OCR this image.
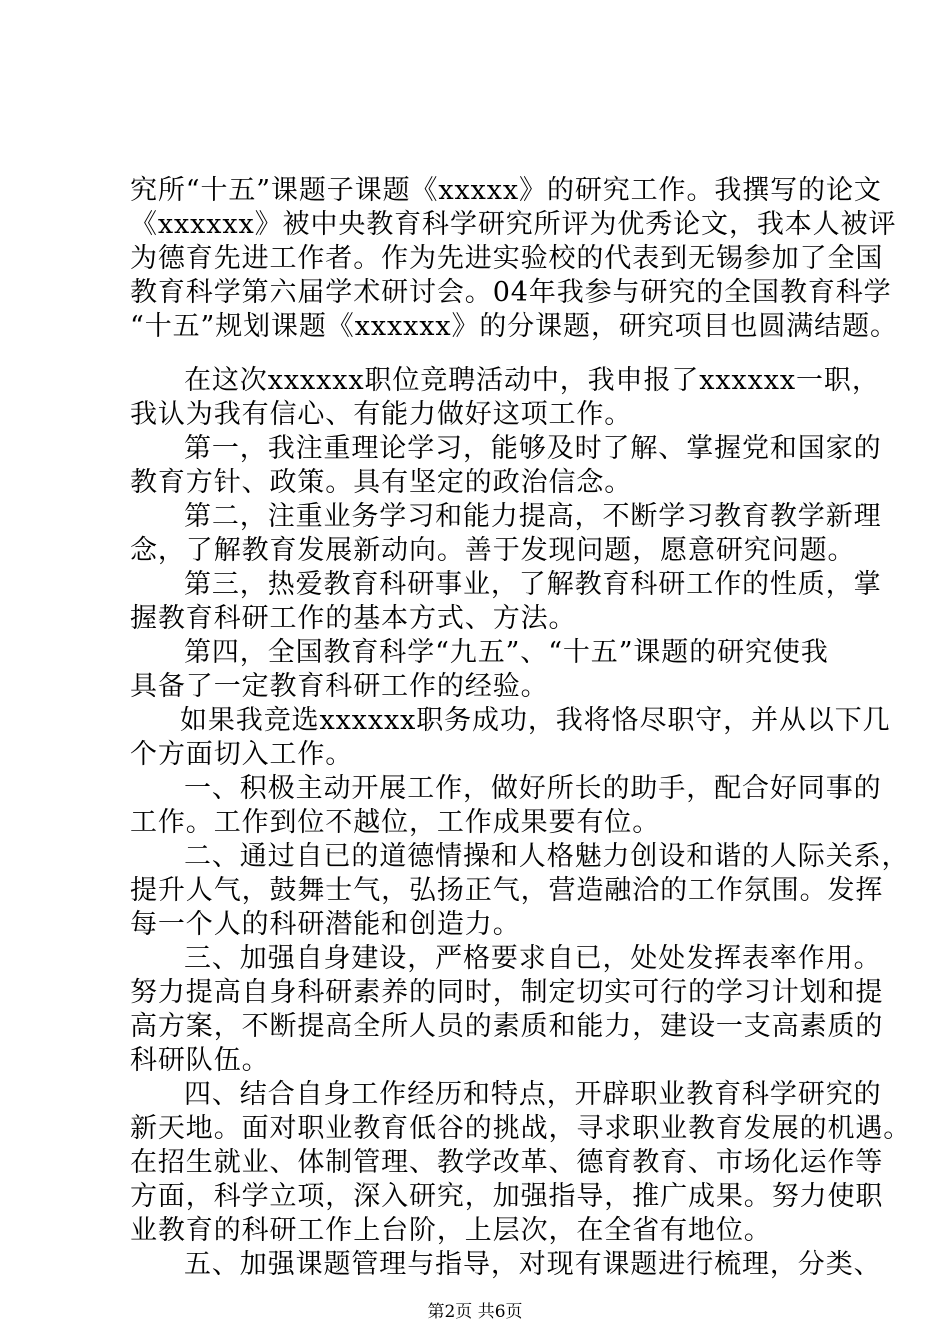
究所“十五”课题子课题《xxxxx》的研究工作。我撰写的论文
《xxxxxx》被中央教育科学研究所评为优秀论文，我本人被评
为德育先进工作者。作为先进实验校的代表到无锡参加了全国
教育科学第六届学术研讨会。04年我参与研究的全国教育科学
“十五”规划课题《xxxxxx》的分课题，研究项目也圆满结题。
在这次xxxxxx职位竞聘活动中，我申报了xxxxxx一职，
我认为我有信心、有能力做好这项工作。
第一，我注重理论学习，能够及时了解、掌握党和国家的
教育方针、政策。具有坚定的政治信念。
第二，注重业务学习和能力提高，不断学习教育教学新理
念，了解教育发展新动向。善于发现问题，愿意研究问题。
第三，热爱教育科研事业，了解教育科研工作的性质，掌
握教育科研工作的基本方式、方法。
第四，全国教育科学“九五”、“十五”课题的研究使我
具备了一定教育科研工作的经验。
如果我竞选xxxxxx职务成功，我将恪尽职守，并从以下几
个方面切入工作。
一、积极主动开展工作，做好所长的助手，配合好同事的
工作。工作到位不越位，工作成果要有位。
二、通过自已的道德情操和人格魅力创设和谐的人际关系，
提升人气，鼓舞士气，弘扬正气，营造融洽的工作氛围。发挥
每一个人的科研潜能和创造力。
三、加强自身建设，严格要求自已，处处发挥表率作用。
努力提高自身科研素养的同时，制定切实可行的学习计划和提
高方案，不断提高全所人员的素质和能力，建设一支高素质的
科研队伍。
四、结合自身工作经历和特点，开辟职业教育科学研究的
新天地。面对职业教育低谷的挑战，寻求职业教育发展的机遇。
在招生就业、体制管理、教学改革、德育教育、市场化运作等
方面，科学立项，深入研究，加强指导，推广成果。努力使职
业教育的科研工作上台阶，上层次，在全省有地位。
五、加强课题管理与指导，对现有课题进行梳理，分类、
第2页 共6页
